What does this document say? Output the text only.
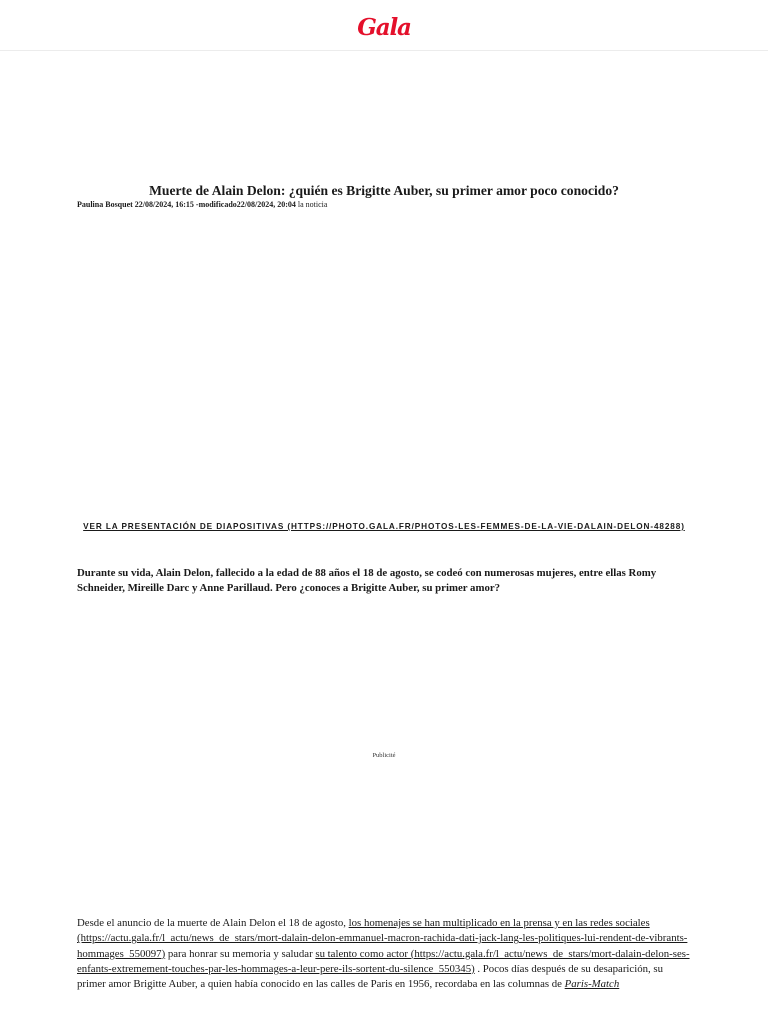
Gala
Muerte de Alain Delon: ¿quién es Brigitte Auber, su primer amor poco conocido?
Paulina Bosquet 22/08/2024, 16:15 -modificado22/08/2024, 20:04 la noticia
VER LA PRESENTACIÓN DE DIAPOSITIVAS (HTTPS://PHOTO.GALA.FR/PHOTOS-LES-FEMMES-DE-LA-VIE-DALAIN-DELON-48288)

Durante su vida, Alain Delon, fallecido a la edad de 88 años el 18 de agosto, se codeó con numerosas mujeres, entre ellas Romy Schneider, Mireille Darc y Anne Parillaud. Pero ¿conoces a Brigitte Auber, su primer amor?

Publicité

Desde el anuncio de la muerte de Alain Delon el 18 de agosto, los homenajes se han multiplicado en la prensa y en las redes sociales (https://actu.gala.fr/l_actu/news_de_stars/mort-dalain-delon-emmanuel-macron-rachida-dati-jack-lang-les-politiques-lui-rendent-de-vibrants-hommages_550097) para honrar su memoria y saludar su talento como actor (https://actu.gala.fr/l_actu/news_de_stars/mort-dalain-delon-ses-enfants-extremement-touches-par-les-hommages-a-leur-pere-ils-sortent-du-silence_550345) . Pocos días después de su desaparición, su primer amor Brigitte Auber, a quien había conocido en las calles de Paris en 1956, recordaba en las columnas de Paris-Match
